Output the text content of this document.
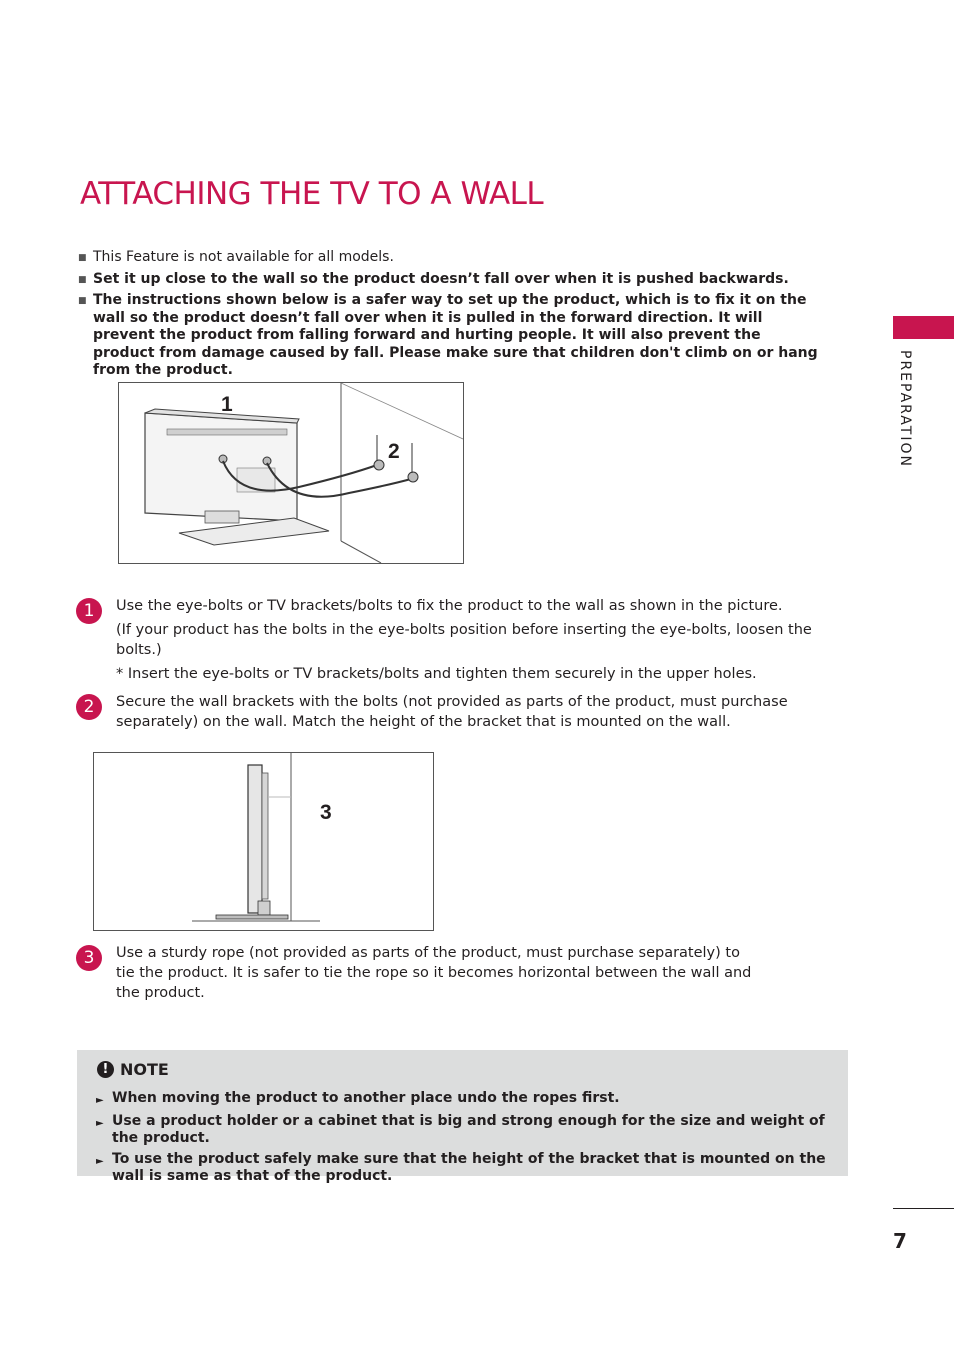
ATTACHING THE TV TO A WALL
■ This Feature is not available for all models.
■ Set it up close to the wall so the product doesn’t fall over when it is pushed backwards.
■ The instructions shown below is a safer way to set up the product, which is to fix it on the wall so the product doesn’t fall over when it is pulled in the forward direction. It will prevent the product from falling forward and hurting people. It will also prevent the product from damage caused by fall. Please make sure that children don't climb on or hang from the product.
1
2
1	Use the eye-bolts or TV brackets/bolts to fix the product to the wall as shown in the picture.

(If your product has the bolts in the eye-bolts position before inserting the eye-bolts, loosen the bolts.)

* Insert the eye-bolts or TV brackets/bolts and tighten them securely in the upper holes.

2	Secure the wall brackets with the bolts (not provided as parts of the product, must purchase separately) on the wall. Match the height of the bracket that is mounted on the wall.

3
3	Use a sturdy rope (not provided as parts of the product, must purchase separately) to tie the product. It is safer to tie the rope so it becomes horizontal between the wall and the product.

! NOTE
► When moving the product to another place undo the ropes first.
► Use a product holder or a cabinet that is big and strong enough for the size and weight of the product.
► To use the product safely make sure that the height of the bracket that is mounted on the wall is same as that of the product.
PREPARATION
7
